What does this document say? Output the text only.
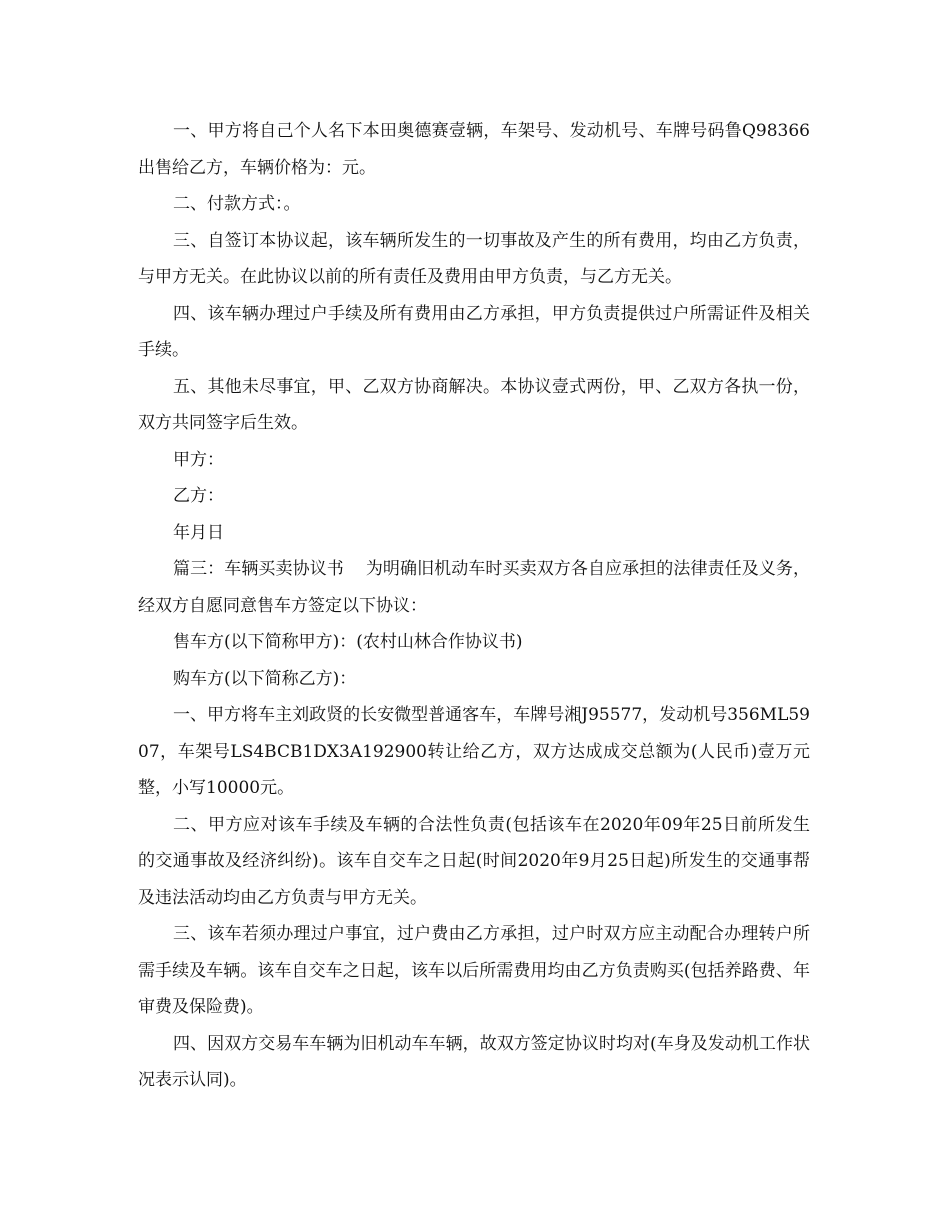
一、甲方将自己个人名下本田奥德赛壹辆，车架号、发动机号、车牌号码鲁Q98366出售给乙方，车辆价格为：元。

二、付款方式：。

三、自签订本协议起，该车辆所发生的一切事故及产生的所有费用，均由乙方负责，与甲方无关。在此协议以前的所有责任及费用由甲方负责，与乙方无关。

四、该车辆办理过户手续及所有费用由乙方承担，甲方负责提供过户所需证件及相关手续。

五、其他未尽事宜，甲、乙双方协商解决。本协议壹式两份，甲、乙双方各执一份，双方共同签字后生效。

甲方：

乙方：

年月日

篇三：车辆买卖协议书    为明确旧机动车时买卖双方各自应承担的法律责任及义务，经双方自愿同意售车方签定以下协议：

售车方(以下简称甲方)：(农村山林合作协议书)

购车方(以下简称乙方)：

一、甲方将车主刘政贤的长安微型普通客车，车牌号湘J95577，发动机号356ML5907，车架号LS4BCB1DX3A192900转让给乙方，双方达成成交总额为(人民币)壹万元整，小写10000元。

二、甲方应对该车手续及车辆的合法性负责(包括该车在2020年09年25日前所发生的交通事故及经济纠纷)。该车自交车之日起(时间2020年9月25日起)所发生的交通事帮及违法活动均由乙方负责与甲方无关。

三、该车若须办理过户事宜，过户费由乙方承担，过户时双方应主动配合办理转户所需手续及车辆。该车自交车之日起，该车以后所需费用均由乙方负责购买(包括养路费、年审费及保险费)。

四、因双方交易车车辆为旧机动车车辆，故双方签定协议时均对(车身及发动机工作状况表示认同)。
